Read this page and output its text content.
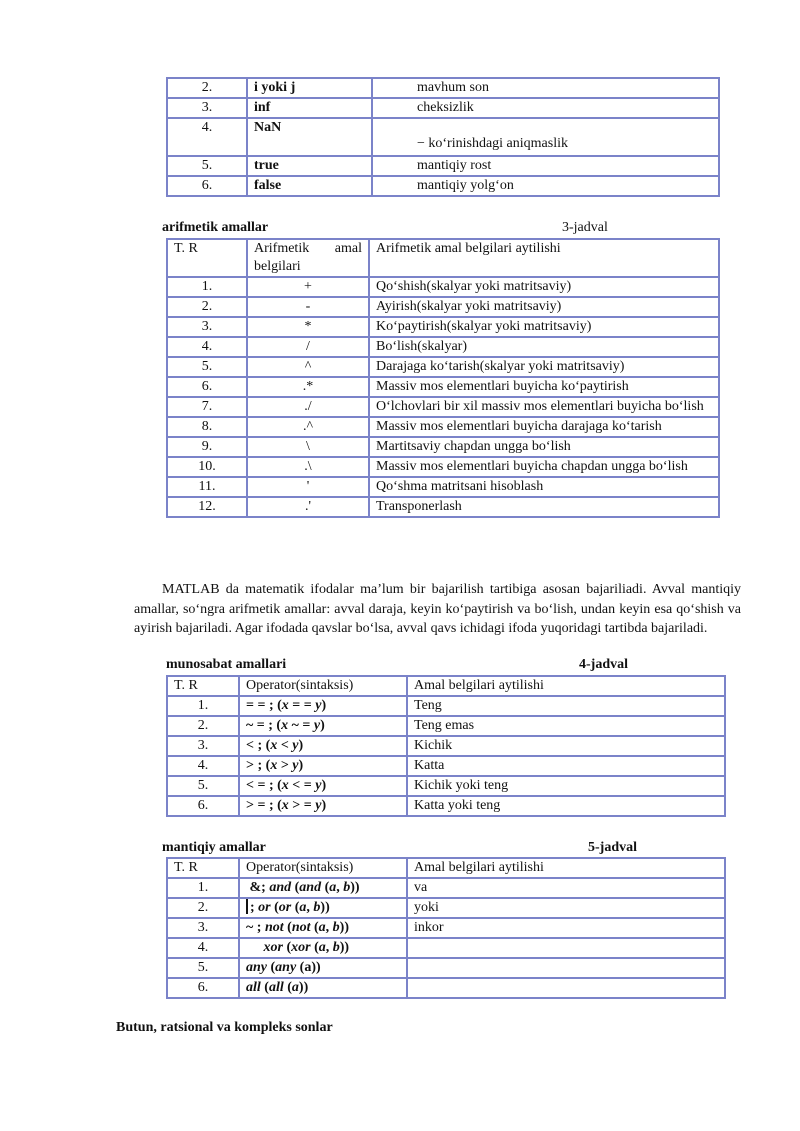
2.	i yoki j	mavhum son
3.	inf	cheksizlik
4.	NaN	− ko‘rinishdagi aniqmaslik
5.	true	mantiqiy rost
6.	false	mantiqiy yolg‘on
arifmetik amallar	3-jadval
T. R	Arifmetik amal belgilari	Arifmetik amal belgilari aytilishi
1.	+	Qo‘shish(skalyar yoki matritsaviy)
2.	-	Ayirish(skalyar yoki matritsaviy)
3.	*	Ko‘paytirish(skalyar yoki matritsaviy)
4.	/	Bo‘lish(skalyar)
5.	^	Darajaga ko‘tarish(skalyar yoki matritsaviy)
6.	.*	Massiv mos elementlari buyicha ko‘paytirish
7.	./	O‘lchovlari bir xil massiv mos elementlari buyicha bo‘lish
8.	.^	Massiv mos elementlari buyicha darajaga ko‘tarish
9.	\	Martitsaviy chapdan ungga bo‘lish
10.	.\	Massiv mos elementlari buyicha chapdan ungga bo‘lish
11.	'	Qo‘shma matritsani hisoblash
12.	.'	Transponerlash
MATLAB da matematik ifodalar ma’lum bir bajarilish tartibiga asosan bajariliadi. Avval mantiqiy amallar, so‘ngra arifmetik amallar: avval daraja, keyin ko‘paytirish va bo‘lish, undan keyin esa qo‘shish va ayirish bajariladi. Agar ifodada qavslar bo‘lsa, avval qavs ichidagi ifoda yuqoridagi tartibda bajariladi.
munosabat amallari	4-jadval
T. R	Operator(sintaksis)	Amal belgilari aytilishi
1.	= = ; (x = = y)	Teng
2.	~ = ; (x ~ = y)	Teng emas
3.	< ; (x < y)	Kichik
4.	> ; (x > y)	Katta
5.	< = ; (x < = y)	Kichik yoki teng
6.	> = ; (x > = y)	Katta yoki teng
mantiqiy amallar	5-jadval
T. R	Operator(sintaksis)	Amal belgilari aytilishi
1.	&; and (and (a, b))	va
2.	; or (or (a, b))	yoki
3.	~ ; not (not (a, b))	inkor
4.	xor (xor (a, b))	
5.	any (any (a))	
6.	all (all (a))	
Butun, ratsional va kompleks sonlar
